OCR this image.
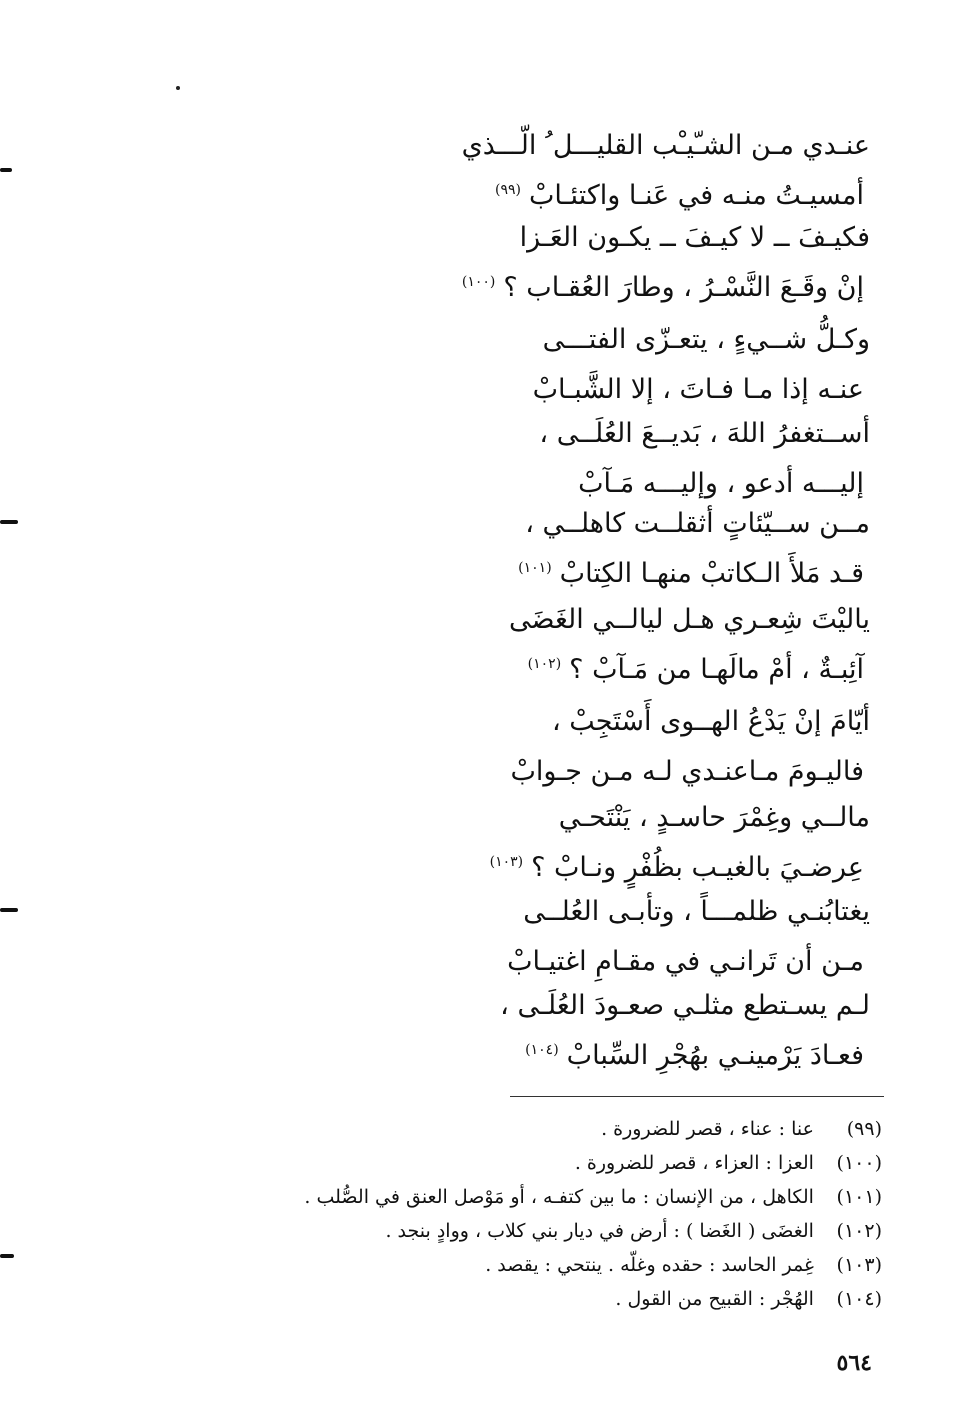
عنـدي مـن الشـّيـْب القليـــل ُ الّـــذي
أمسيـتُ منـه في عَنـا واكتئـابْ$^{(٩٩)}$
فكيـفَ ــ لا كيـفَ ــ يكـون العَـزا
إنْ وقَـعَ النَّسْـرُ ، وطارَ العُقـاب ؟$^{(١٠٠)}$
وكـلُّ شــيءٍ ، يتعـزّى الفتـــى
عنـه إذا مـا فـاتَ ، إلا الشَّبـابْ
أســتغفرُ اللهَ ، بَديــعَ العُلَــى ،
إليـــه أدعو ، وإليـــه مَـآبْ
مــن ســيّئاتٍ أثقلــت كاهلــي ،
قـد مَلأَ الـكاتبْ منهـا الكِتابْ$^{(١٠١)}$
ياليْتَ شِعـري هـل ليالــي الغَضَى
آئِبـةٌ ، أمْ مالَهـا من مَـآبْ ؟$^{(١٠٢)}$
أيّامَ إنْ يَدْعُ الهــوى أَسْتَجِبْ ،
فاليـومَ مـاعنـدي لـه مـن جـوابْ
مالــي وغِمْرَ حاسـدٍ ، يَنْتَحـي
عِرضـيَ بالغيـب بظُفْرٍ ونـابْ ؟$^{(١٠٣)}$
يغتابُنـي ظلمـــاً ، وتأبـى العُلــى
مـن أن تَرانـي في مقـامِ اغتيـابْ
لـم يسـتطع مثلـي صعـودَ العُلَـى ،
فعـادَ يَرْمينـي بهُجْرِ السِّبابْ$^{(١٠٤)}$
(٩٩) عنا : عناء ، قصر للضرورة .
(١٠٠) العزا : العزاء ، قصر للضرورة .
(١٠١) الكاهل ، من الإنسان : ما بين كتفـه ، أو مَوْصل العنق في الصُّلب .
(١٠٢) الغضَى ( الغَضا ) : أرض في ديار بني كلاب ، ووادٍ بنجد .
(١٠٣) غِمر الحاسد : حقده وغلّه . ينتحي : يقصد .
(١٠٤) الهُجْر : القبيح من القول .
٥٦٤
